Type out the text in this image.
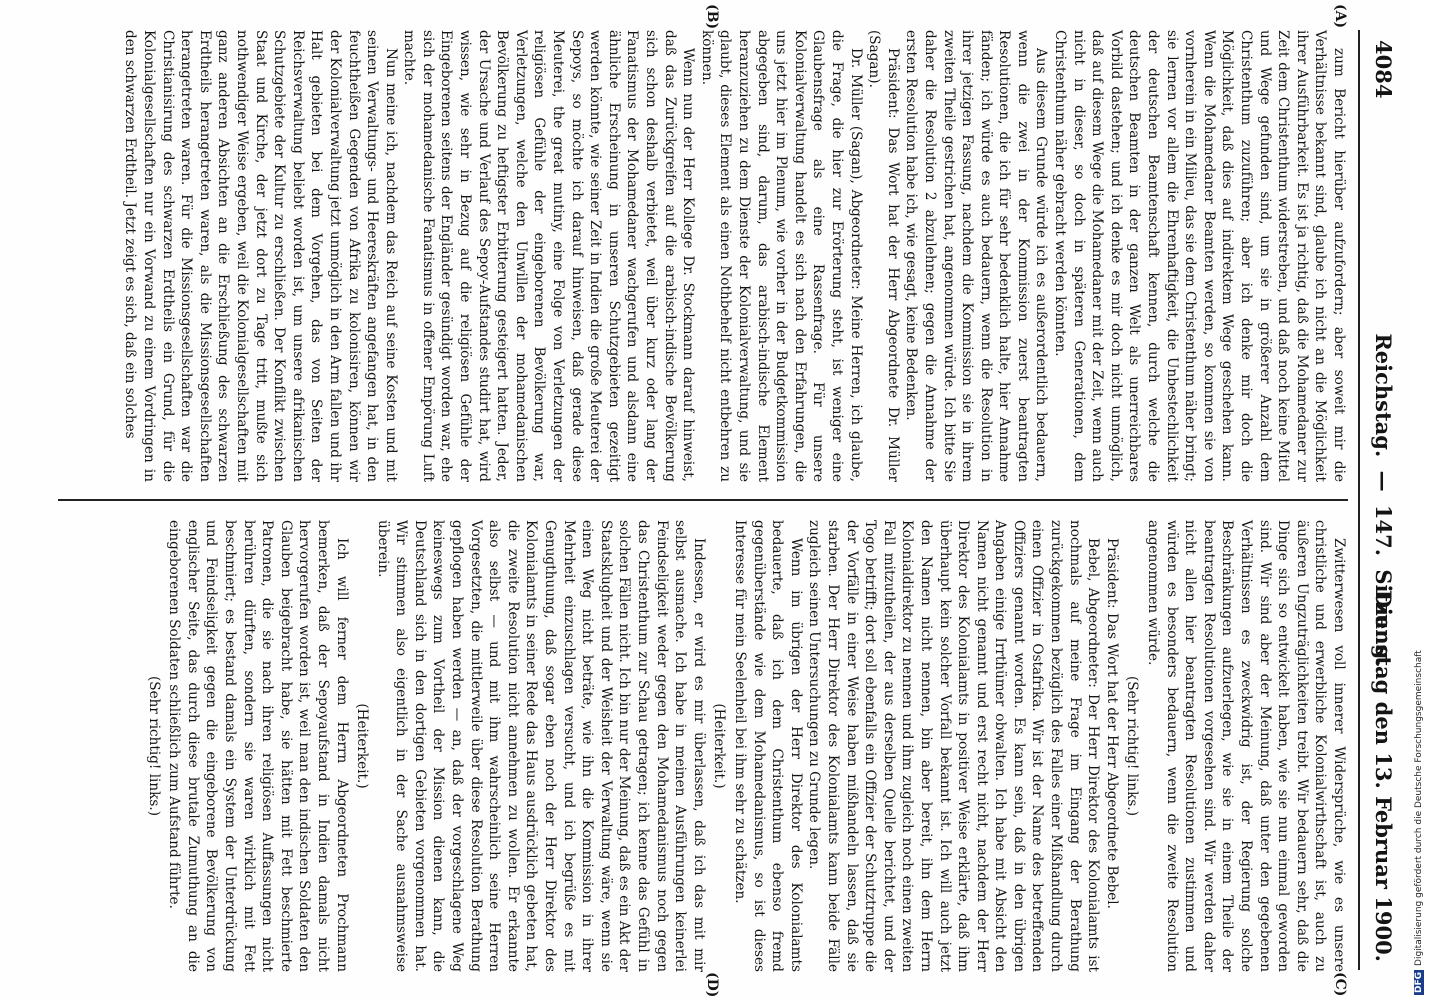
4084
Reichstag. — 147. Sitzung.
Dienstag den 13. Februar 1900.
(A)
(B)
(C)
(D)

zum Bericht hierüber aufzufordern; aber soweit mir die Verhältnisse bekannt sind, glaube ich nicht an die Möglichkeit ihrer Ausführbarkeit. Es ist ja richtig, daß die Mohamedaner zur Zeit dem Christenthum widerstreben, und daß noch keine Mittel und Wege gefunden sind, um sie in größerer Anzahl dem Christenthum zuzuführen; aber ich denke mir doch die Möglichkeit, daß dies auf indirektem Wege geschehen kann. Wenn die Mohamedaner Beamten werden, so kommen sie von vornherein in ein Milieu, das sie dem Christenthum näher bringt; sie lernen vor allem die Ehrenhaftigkeit, die Unbestechlichkeit der deutschen Beamtenschaft kennen, durch welche die deutschen Beamten in der ganzen Welt als unerreichbares Vorbild dastehen; und ich denke es mir doch nicht unmöglich, daß auf diesem Wege die Mohamedaner mit der Zeit, wenn auch nicht in dieser, so doch in späteren Generationen, dem Christenthum näher gebracht werden könnten.

Aus diesem Grunde würde ich es außerordentlich bedauern, wenn die zwei in der Kommission zuerst beantragten Resolutionen, die ich für sehr bedenklich halte, hier Annahme fänden; ich würde es auch bedauern, wenn die Resolution in ihrer jetzigen Fassung, nachdem die Kommission sie in ihrem zweiten Theile gestrichen hat, angenommen würde. Ich bitte Sie daher die Resolution 2 abzulehnen; gegen die Annahme der ersten Resolution habe ich, wie gesagt, keine Bedenken.

Präsident: Das Wort hat der Herr Abgeordnete Dr. Müller (Sagan).

Dr. Müller (Sagan), Abgeordneter: Meine Herren, ich glaube, die Frage, die hier zur Erörterung steht, ist weniger eine Glaubensfrage als eine Rassenfrage. Für unsere Kolonialverwaltung handelt es sich nach den Erfahrungen, die uns jetzt hier im Plenum, wie vorher in der Budgetkommission abgegeben sind, darum, das arabisch-indische Element heranzuziehen zu dem Dienste der Kolonialverwaltung, und sie glaubt, dieses Element als einen Nothbehelf nicht entbehren zu können.

Wenn nun der Herr Kollege Dr. Stockmann darauf hinweist, daß das Zurückgreifen auf die arabisch-indische Bevölkerung sich schon deshalb verbietet, weil über kurz oder lang der Fanatismus der Mohamedaner wachgerufen und alsdann eine ähnliche Erscheinung in unseren Schutzgebieten gezeitigt werden könnte, wie seiner Zeit in Indien die große Meuterei der Sepoys, so möchte ich darauf hinweisen, daß gerade diese Meuterei, the great mutiny, eine Folge von Verletzungen der religiösen Gefühle der eingeborenen Bevölkerung war, Verletzungen, welche den Unwillen der mohamedanischen Bevölkerung zu heftigster Erbitterung gesteigert hatten. Jeder, der Ursache und Verlauf des Sepoy-Aufstandes studirt hat, wird wissen, wie sehr in Bezug auf die religiösen Gefühle der Eingeborenen seitens der Engländer gesündigt worden war, ehe sich der mohamedanische Fanatismus in offener Empörung Luft machte.

Nun meine ich, nachdem das Reich auf seine Kosten und mit seinen Verwaltungs- und Heereskräften angefangen hat, in den feuchtheißen Gegenden von Afrika zu kolonisiren, können wir der Kolonialverwaltung jetzt unmöglich in den Arm fallen und ihr Halt gebieten bei dem Vorgehen, das von Seiten der Reichsverwaltung beliebt worden ist, um unsere afrikanischen Schutzgebiete der Kultur zu erschließen. Der Konflikt zwischen Staat und Kirche, der jetzt dort zu Tage tritt, mußte sich nothwendiger Weise ergeben, weil die Kolonialgesellschaften mit ganz anderen Absichten an die Erschließung des schwarzen Erdtheils herangetreten waren, als die Missionsgesellschaften herangetreten waren. Für die Missionsgesellschaften war die Christianisirung des schwarzen Erdtheils ein Grund, für die Kolonialgesellschaften nur ein Vorwand zu einem Vordringen in den schwarzen Erdtheil. Jetzt zeigt es sich, daß ein solches

Zwitterwesen voll innerer Widersprüche, wie es unsere christliche und erwerbliche Kolonialwirthschaft ist, auch zu äußeren Ungzuträglichkeiten treibt. Wir bedauern sehr, daß die Dinge sich so entwickelt haben, wie sie nun einmal geworden sind. Wir sind aber der Meinung, daß unter den gegebenen Verhältnissen es zweckwidrig ist, der Regierung solche Beschränkungen aufzuerlegen, wie sie in einem Theile der beantragten Resolutionen vorgesehen sind. Wir werden daher nicht allen hier beantragten Resolutionen zustimmen und würden es besonders bedauern, wenn die zweite Resolution angenommen würde.

(Sehr richtig! links.)

Präsident: Das Wort hat der Herr Abgeordnete Bebel.

Bebel, Abgeordneter: Der Herr Direktor des Kolonialamts ist nochmals auf meine Frage im Eingang der Berathung zurückgekommen bezüglich des Falles einer Mißhandlung durch einen Offizier in Ostafrika. Wir ist der Name des betreffenden Offiziers genannt worden. Es kann sein, daß in den übrigen Angaben einige Irrthümer obwalten. Ich habe mit Absicht den Namen nicht genannt und erst recht nicht, nachdem der Herr Direktor des Kolonialamts in positiver Weise erklärte, daß ihm überhaupt kein solcher Vorfall bekannt ist. Ich will auch jetzt den Namen nicht nennen, bin aber bereit, ihn dem Herrn Kolonialdirektor zu nennen und ihm zugleich noch einen zweiten Fall mitzutheilen, der aus derselben Quelle berichtet, und der Togo betrifft; dort soll ebenfalls ein Offizier der Schutztruppe die der Vorfälle in einer Weise haben mißhandeln lassen, daß sie starben. Der Herr Direktor des Kolonialamts kann beide Fälle zugleich seinen Untersuchungen zu Grunde legen.

Wenn im übrigen der Herr Direktor des Kolonialamts bedauerte, daß ich dem Christenthum ebenso fremd gegenüberstände wie dem Mohamedanismus, so ist dieses Interesse für mein Seelenheil bei ihm sehr zu schätzen.

(Heiterkeit.)

Indessen, er wird es mir überlassen, daß ich das mit mir selbst ausmache. Ich habe in meinen Ausführungen keinerlei Feindseligkeit weder gegen den Mohamedanismus noch gegen das Christenthum zur Schau getragen; ich kenne das Gefühl in solchen Fällen nicht. Ich bin nur der Meinung, daß es ein Akt der Staatsklugheit und der Weisheit der Verwaltung wäre, wenn sie einen Weg nicht beträte, wie ihn die Kommission in ihrer Mehrheit einzuschlagen versucht, und ich begrüße es mit Genugthuung, daß sogar eben noch der Herr Direktor des Kolonialamts in seiner Rede das Haus ausdrücklich gebeten hat, die zweite Resolution nicht annehmen zu wollen. Er erkannte also selbst — und mit ihm wahrscheinlich seine Herren Vorgesetzten, die mittlerweile über diese Resolution Berathung gepflogen haben werden — an, daß der vorgeschlagene Weg keineswegs zum Vortheil der Mission dienen kann, die Deutschland sich in den dortigen Gebieten vorgenommen hat. Wir stimmen also eigentlich in der Sache ausnahmsweise überein.

(Heiterkeit.)

Ich will ferner dem Herrn Abgeordneten Prochmann bemerken, daß der Sepoyaufstand in Indien damals nicht hervorgerufen worden ist, weil man den indischen Soldaten den Glauben beigebracht habe, sie hätten mit Fett beschmierte Patronen, die sie nach ihren religiösen Auffassungen nicht berühren dürften, sondern sie waren wirklich mit Fett beschmiert; es bestand damals ein System der Unterdrückung und Feindseligkeit gegen die eingeborene Bevölkerung von englischer Seite, das durch diese brutale Zumuthung an die eingeborenen Soldaten schließlich zum Aufstand führte.

(Sehr richtig! links.)

DFGDigitalisierung gefördert durch die Deutsche Forschungsgemeinschaft
